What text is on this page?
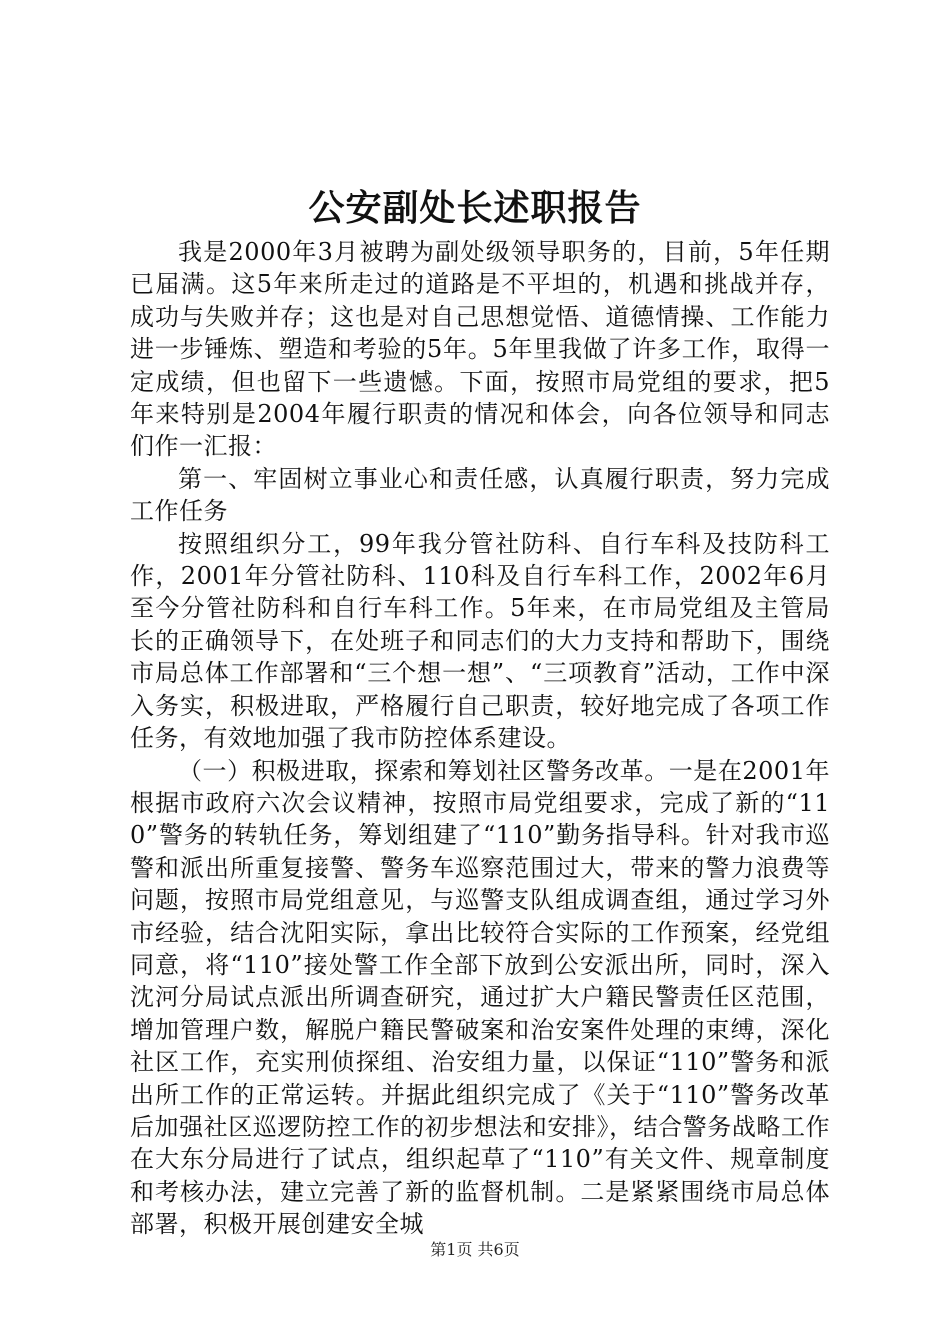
公安副处长述职报告

我是2000年3月被聘为副处级领导职务的，目前，5年任期已届满。这5年来所走过的道路是不平坦的，机遇和挑战并存，成功与失败并存；这也是对自己思想觉悟、道德情操、工作能力进一步锤炼、塑造和考验的5年。5年里我做了许多工作，取得一定成绩，但也留下一些遗憾。下面，按照市局党组的要求，把5年来特别是2004年履行职责的情况和体会，向各位领导和同志们作一汇报：

第一、牢固树立事业心和责任感，认真履行职责，努力完成工作任务

按照组织分工，99年我分管社防科、自行车科及技防科工作，2001年分管社防科、110科及自行车科工作，2002年6月至今分管社防科和自行车科工作。5年来，在市局党组及主管局长的正确领导下，在处班子和同志们的大力支持和帮助下，围绕市局总体工作部署和“三个想一想”、“三项教育”活动，工作中深入务实，积极进取，严格履行自己职责，较好地完成了各项工作任务，有效地加强了我市防控体系建设。

（一）积极进取，探索和筹划社区警务改革。一是在2001年根据市政府六次会议精神，按照市局党组要求，完成了新的“110”警务的转轨任务，筹划组建了“110”勤务指导科。针对我市巡警和派出所重复接警、警务车巡察范围过大，带来的警力浪费等问题，按照市局党组意见，与巡警支队组成调查组，通过学习外市经验，结合沈阳实际，拿出比较符合实际的工作预案，经党组同意，将“110”接处警工作全部下放到公安派出所，同时，深入沈河分局试点派出所调查研究，通过扩大户籍民警责任区范围，增加管理户数，解脱户籍民警破案和治安案件处理的束缚，深化社区工作，充实刑侦探组、治安组力量，以保证“110”警务和派出所工作的正常运转。并据此组织完成了《关于“110”警务改革后加强社区巡逻防控工作的初步想法和安排》，结合警务战略工作在大东分局进行了试点，组织起草了“110”有关文件、规章制度和考核办法，建立完善了新的监督机制。二是紧紧围绕市局总体部署，积极开展创建安全城

第1页 共6页
